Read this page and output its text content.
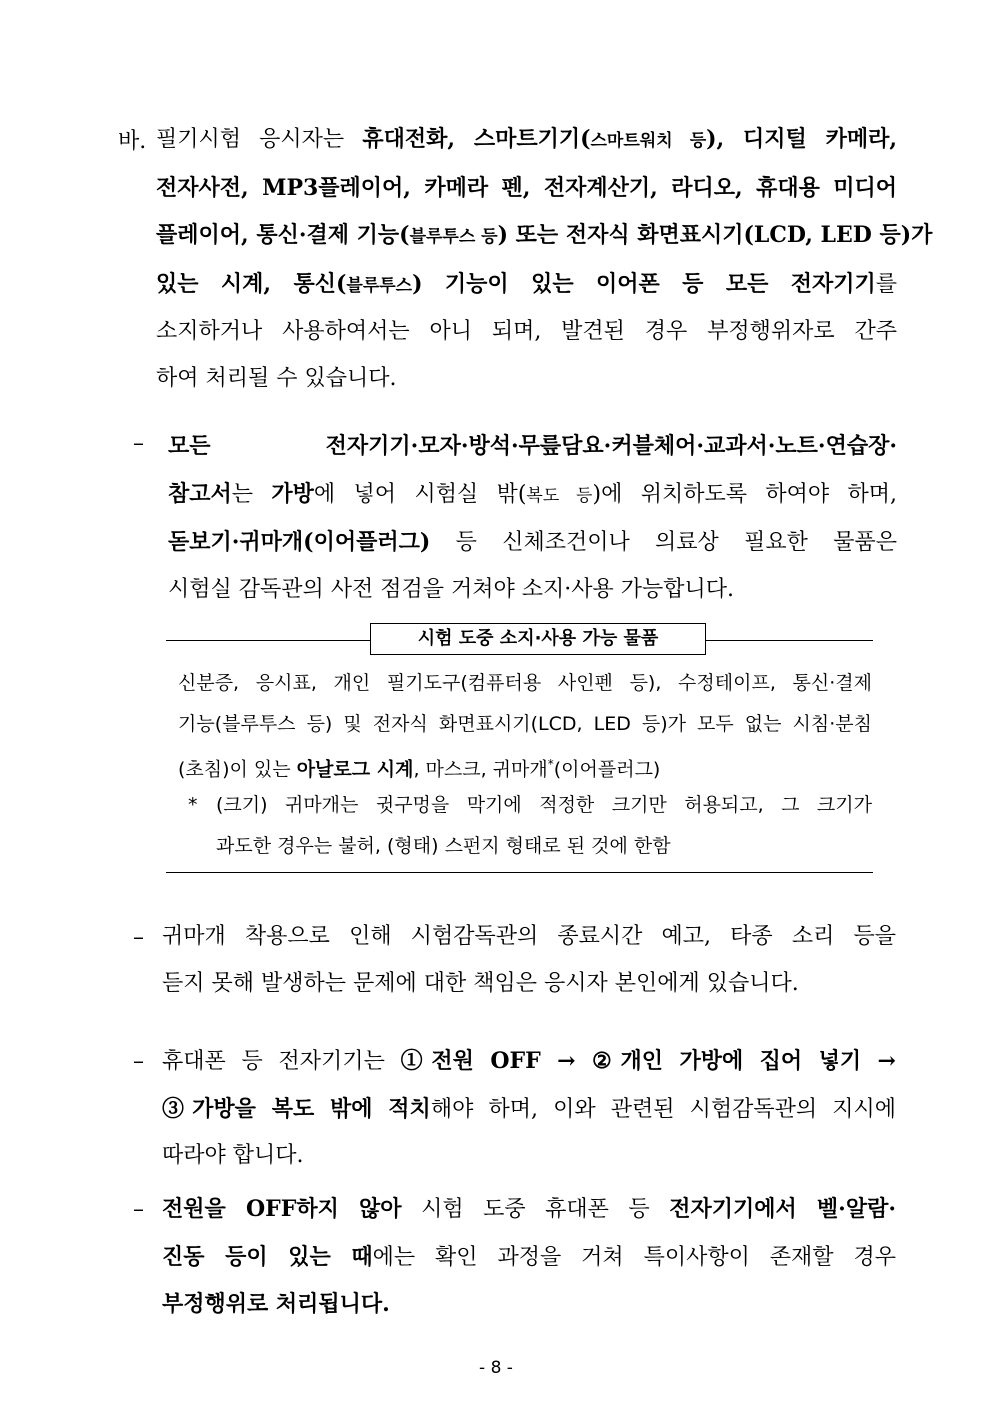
바. 필기시험 응시자는 휴대전화, 스마트기기(스마트워치 등), 디지털 카메라,
전자사전, MP3플레이어, 카메라 펜, 전자계산기, 라디오, 휴대용 미디어
플레이어, 통신·결제 기능(블루투스 등) 또는 전자식 화면표시기(LCD, LED 등)가
있는 시계, 통신(블루투스) 기능이 있는 이어폰 등 모든 전자기기를
소지하거나 사용하여서는 아니 되며, 발견된 경우 부정행위자로 간주
하여 처리될 수 있습니다.
– 모든 전자기기·모자·방석·무릎담요·커블체어·교과서·노트·연습장·
참고서는 가방에 넣어 시험실 밖(복도 등)에 위치하도록 하여야 하며,
돋보기·귀마개(이어플러그) 등 신체조건이나 의료상 필요한 물품은
시험실 감독관의 사전 점검을 거쳐야 소지·사용 가능합니다.
시험 도중 소지·사용 가능 물품
신분증, 응시표, 개인 필기도구(컴퓨터용 사인펜 등), 수정테이프, 통신·결제
기능(블루투스 등) 및 전자식 화면표시기(LCD, LED 등)가 모두 없는 시침·분침
(초침)이 있는 아날로그 시계, 마스크, 귀마개*(이어플러그)
* (크기) 귀마개는 귓구멍을 막기에 적정한 크기만 허용되고, 그 크기가
과도한 경우는 불허, (형태) 스펀지 형태로 된 것에 한함
– 귀마개 착용으로 인해 시험감독관의 종료시간 예고, 타종 소리 등을
듣지 못해 발생하는 문제에 대한 책임은 응시자 본인에게 있습니다.
– 휴대폰 등 전자기기는 ①전원 OFF → ②개인 가방에 집어 넣기 →
③가방을 복도 밖에 적치해야 하며, 이와 관련된 시험감독관의 지시에
따라야 합니다.
– 전원을 OFF하지 않아 시험 도중 휴대폰 등 전자기기에서 벨·알람·
진동 등이 있는 때에는 확인 과정을 거쳐 특이사항이 존재할 경우
부정행위로 처리됩니다.
- 8 -
